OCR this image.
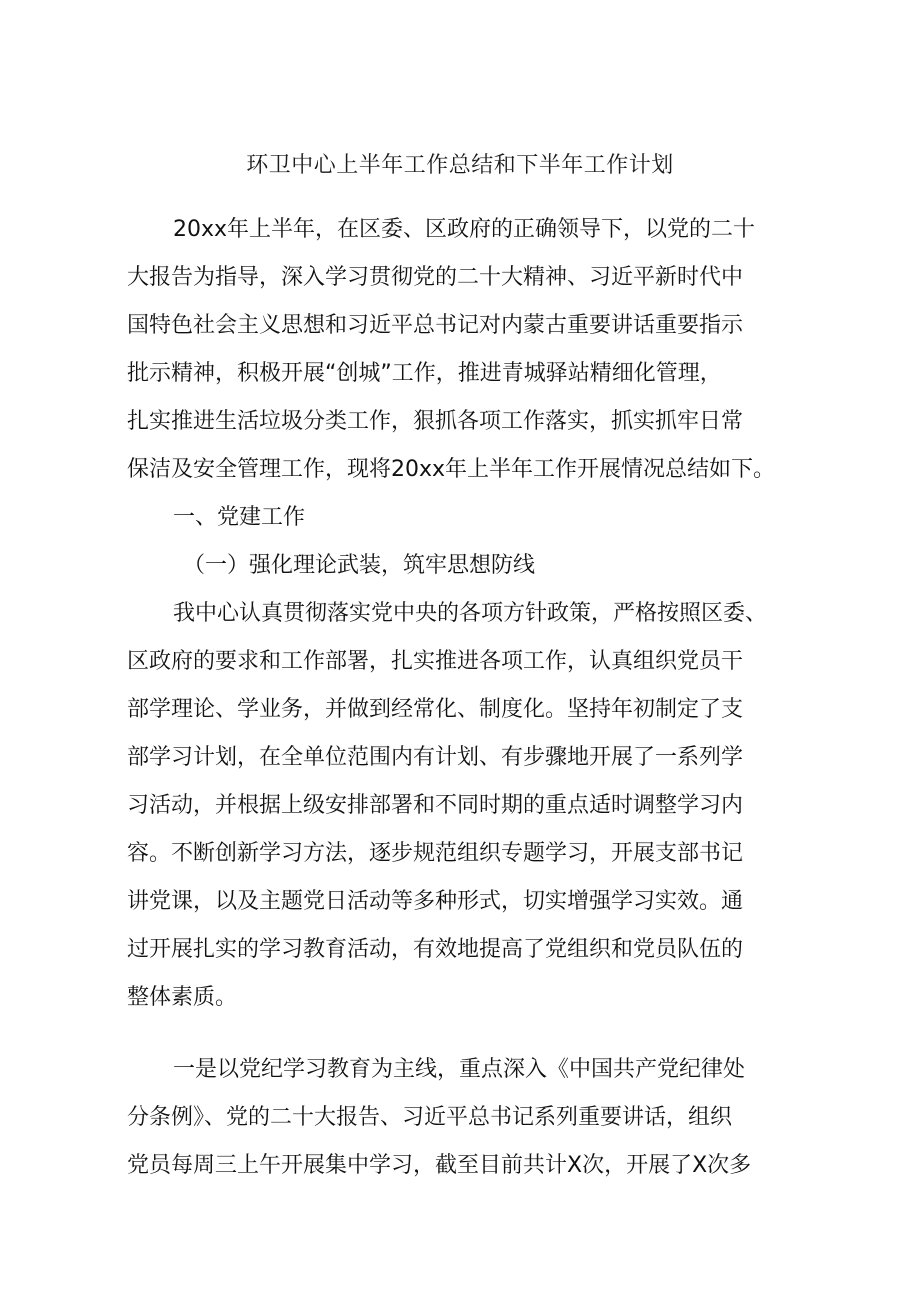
环卫中心上半年工作总结和下半年工作计划

20xx年上半年，在区委、区政府的正确领导下，以党的二十
大报告为指导，深入学习贯彻党的二十大精神、习近平新时代中
国特色社会主义思想和习近平总书记对内蒙古重要讲话重要指示
批示精神，积极开展“创城”工作，推进青城驿站精细化管理，
扎实推进生活垃圾分类工作，狠抓各项工作落实，抓实抓牢日常
保洁及安全管理工作，现将20xx年上半年工作开展情况总结如下。

一、党建工作

（一）强化理论武装，筑牢思想防线

我中心认真贯彻落实党中央的各项方针政策，严格按照区委、
区政府的要求和工作部署，扎实推进各项工作，认真组织党员干
部学理论、学业务，并做到经常化、制度化。坚持年初制定了支
部学习计划，在全单位范围内有计划、有步骤地开展了一系列学
习活动，并根据上级安排部署和不同时期的重点适时调整学习内
容。不断创新学习方法，逐步规范组织专题学习，开展支部书记
讲党课，以及主题党日活动等多种形式，切实增强学习实效。通
过开展扎实的学习教育活动，有效地提高了党组织和党员队伍的
整体素质。

一是以党纪学习教育为主线，重点深入《中国共产党纪律处
分条例》、党的二十大报告、习近平总书记系列重要讲话，组织
党员每周三上午开展集中学习，截至目前共计X次，开展了X次多
